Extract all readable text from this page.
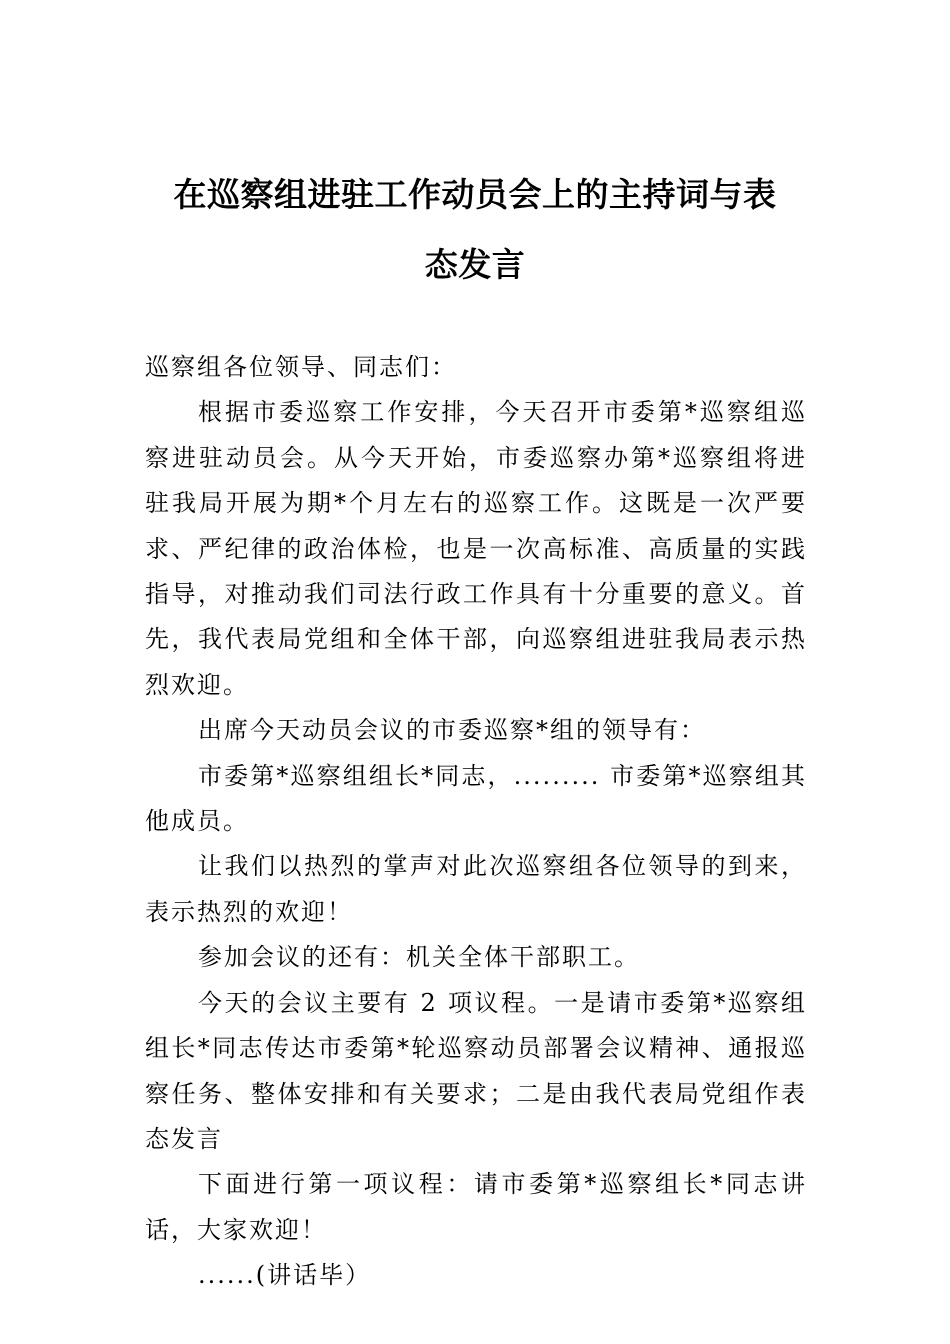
在巡察组进驻工作动员会上的主持词与表
态发言

巡察组各位领导、同志们：

根据市委巡察工作安排，今天召开市委第*巡察组巡察进驻动员会。从今天开始，市委巡察办第*巡察组将进驻我局开展为期*个月左右的巡察工作。这既是一次严要求、严纪律的政治体检，也是一次高标准、高质量的实践指导，对推动我们司法行政工作具有十分重要的意义。首先，我代表局党组和全体干部，向巡察组进驻我局表示热烈欢迎。

出席今天动员会议的市委巡察*组的领导有：

市委第*巡察组组长*同志，......... 市委第*巡察组其他成员。

让我们以热烈的掌声对此次巡察组各位领导的到来，表示热烈的欢迎！

参加会议的还有：机关全体干部职工。

今天的会议主要有 2 项议程。一是请市委第*巡察组组长*同志传达市委第*轮巡察动员部署会议精神、通报巡察任务、整体安排和有关要求；二是由我代表局党组作表态发言

下面进行第一项议程：请市委第*巡察组长*同志讲话，大家欢迎！

......(讲话毕）
